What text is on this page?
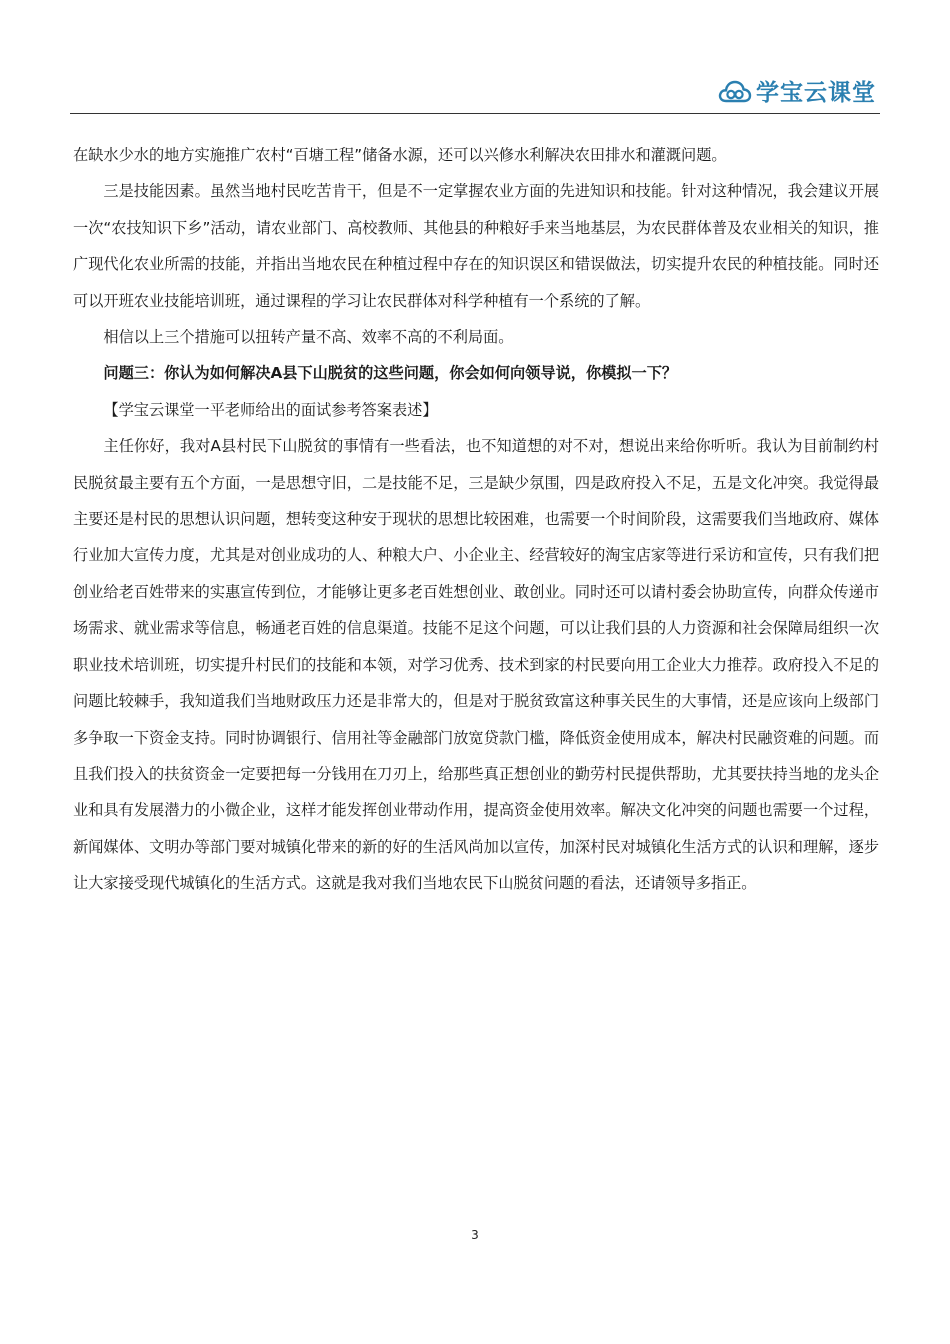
学宝云课堂

在缺水少水的地方实施推广农村“百塘工程”储备水源，还可以兴修水利解决农田排水和灌溉问题。

三是技能因素。虽然当地村民吃苦肯干，但是不一定掌握农业方面的先进知识和技能。针对这种情况，我会建议开展一次“农技知识下乡”活动，请农业部门、高校教师、其他县的种粮好手来当地基层，为农民群体普及农业相关的知识，推广现代化农业所需的技能，并指出当地农民在种植过程中存在的知识误区和错误做法，切实提升农民的种植技能。同时还可以开班农业技能培训班，通过课程的学习让农民群体对科学种植有一个系统的了解。

相信以上三个措施可以扭转产量不高、效率不高的不利局面。

问题三：你认为如何解决A县下山脱贫的这些问题，你会如何向领导说，你模拟一下？

【学宝云课堂一平老师给出的面试参考答案表述】

主任你好，我对A县村民下山脱贫的事情有一些看法，也不知道想的对不对，想说出来给你听听。我认为目前制约村民脱贫最主要有五个方面，一是思想守旧，二是技能不足，三是缺少氛围，四是政府投入不足，五是文化冲突。我觉得最主要还是村民的思想认识问题，想转变这种安于现状的思想比较困难，也需要一个时间阶段，这需要我们当地政府、媒体行业加大宣传力度，尤其是对创业成功的人、种粮大户、小企业主、经营较好的淘宝店家等进行采访和宣传，只有我们把创业给老百姓带来的实惠宣传到位，才能够让更多老百姓想创业、敢创业。同时还可以请村委会协助宣传，向群众传递市场需求、就业需求等信息，畅通老百姓的信息渠道。技能不足这个问题，可以让我们县的人力资源和社会保障局组织一次职业技术培训班，切实提升村民们的技能和本领，对学习优秀、技术到家的村民要向用工企业大力推荐。政府投入不足的问题比较棘手，我知道我们当地财政压力还是非常大的，但是对于脱贫致富这种事关民生的大事情，还是应该向上级部门多争取一下资金支持。同时协调银行、信用社等金融部门放宽贷款门槛，降低资金使用成本，解决村民融资难的问题。而且我们投入的扶贫资金一定要把每一分钱用在刀刃上，给那些真正想创业的勤劳村民提供帮助，尤其要扶持当地的龙头企业和具有发展潜力的小微企业，这样才能发挥创业带动作用，提高资金使用效率。解决文化冲突的问题也需要一个过程，新闻媒体、文明办等部门要对城镇化带来的新的好的生活风尚加以宣传，加深村民对城镇化生活方式的认识和理解，逐步让大家接受现代城镇化的生活方式。这就是我对我们当地农民下山脱贫问题的看法，还请领导多指正。

3
